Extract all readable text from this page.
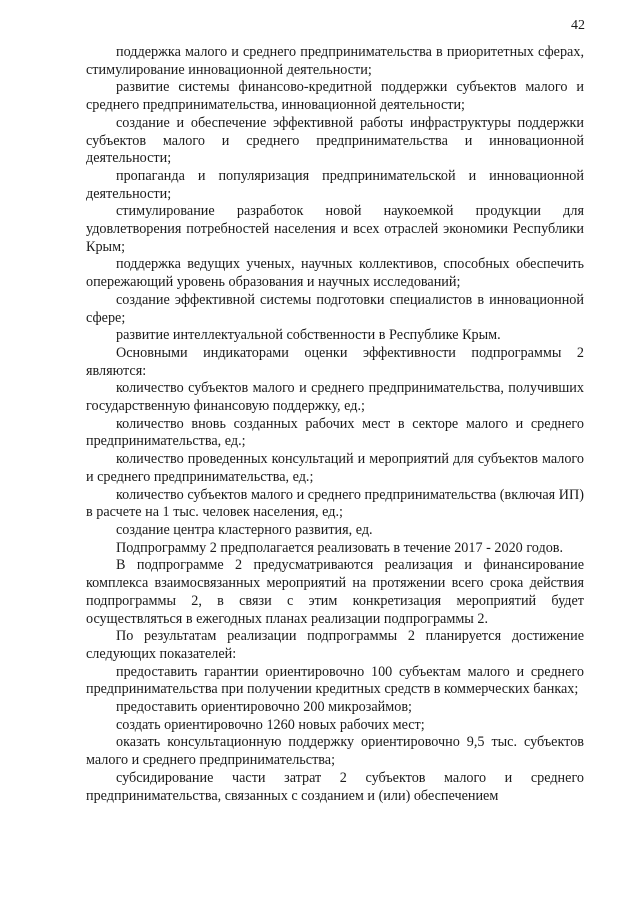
42

поддержка малого и среднего предпринимательства в приоритетных сферах, стимулирование инновационной деятельности;

развитие системы финансово-кредитной поддержки субъектов малого и среднего предпринимательства, инновационной деятельности;

создание и обеспечение эффективной работы инфраструктуры поддержки субъектов малого и среднего предпринимательства и инновационной деятельности;

пропаганда и популяризация предпринимательской и инновационной деятельности;

стимулирование разработок новой наукоемкой продукции для удовлетворения потребностей населения и всех отраслей экономики Республики Крым;

поддержка ведущих ученых, научных коллективов, способных обеспечить опережающий уровень образования и научных исследований;

создание эффективной системы подготовки специалистов в инновационной сфере;

развитие интеллектуальной собственности в Республике Крым.

Основными индикаторами оценки эффективности подпрограммы 2 являются:

количество субъектов малого и среднего предпринимательства, получивших государственную финансовую поддержку, ед.;

количество вновь созданных рабочих мест в секторе малого и среднего предпринимательства, ед.;

количество проведенных консультаций и мероприятий для субъектов малого и среднего предпринимательства, ед.;

количество субъектов малого и среднего предпринимательства (включая ИП) в расчете на 1 тыс. человек населения, ед.;

создание центра кластерного развития, ед.

Подпрограмму 2 предполагается реализовать в течение 2017 - 2020 годов.

В подпрограмме 2 предусматриваются реализация и финансирование комплекса взаимосвязанных мероприятий на протяжении всего срока действия подпрограммы 2, в связи с этим конкретизация мероприятий будет осуществляться в ежегодных планах реализации подпрограммы 2.

По результатам реализации подпрограммы 2 планируется достижение следующих показателей:

предоставить гарантии ориентировочно 100 субъектам малого и среднего предпринимательства при получении кредитных средств в коммерческих банках;

предоставить ориентировочно 200 микрозаймов;

создать ориентировочно 1260 новых рабочих мест;

оказать консультационную поддержку ориентировочно 9,5 тыс. субъектов малого и среднего предпринимательства;

субсидирование части затрат 2 субъектов малого и среднего предпринимательства, связанных с созданием и (или) обеспечением
